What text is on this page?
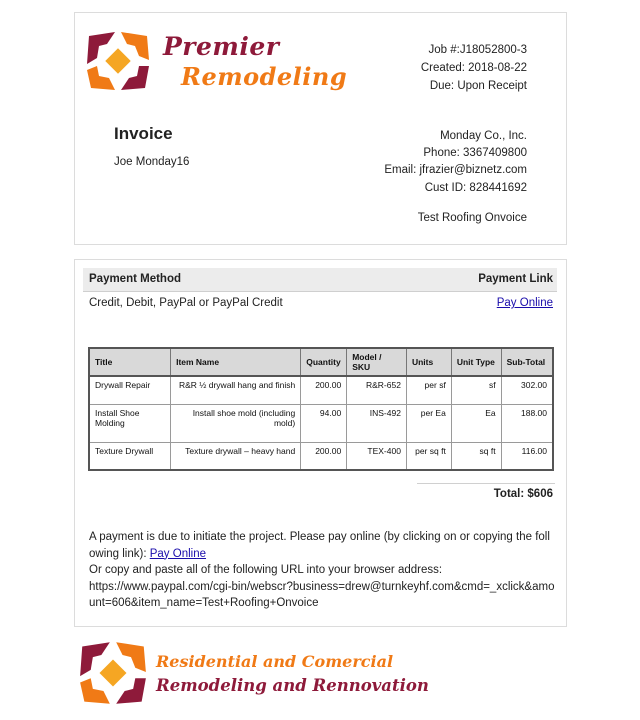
Premier
Remodeling
Job #:J18052800-3
Created: 2018-08-22
Due: Upon Receipt
Invoice
Joe Monday16
Monday Co., Inc.
Phone: 3367409800
Email: jfrazier@biznetz.com
Cust ID: 828441692
Test Roofing Onvoice
Payment Method	Payment Link
Credit, Debit, PayPal or PayPal Credit	Pay Online
Title	Item Name	Quantity	Model / SKU	Units	Unit Type	Sub-Total
Drywall Repair	R&R ½ drywall hang and finish	200.00	R&R-652	per sf	sf	302.00
Install Shoe Molding	Install shoe mold (including mold)	94.00	INS-492	per Ea	Ea	188.00
Texture Drywall	Texture drywall – heavy hand	200.00	TEX-400	per sq ft	sq ft	116.00
Total: $606

A payment is due to initiate the project. Please pay online (by clicking on or copying the following link): Pay Online

Or copy and paste all of the following URL into your browser address:

https://www.paypal.com/cgi-bin/webscr?business=drew@turnkeyhf.com&cmd=_xclick&amount=606&item_name=Test+Roofing+Onvoice

Residential and Comercial
Remodeling and Rennovation
